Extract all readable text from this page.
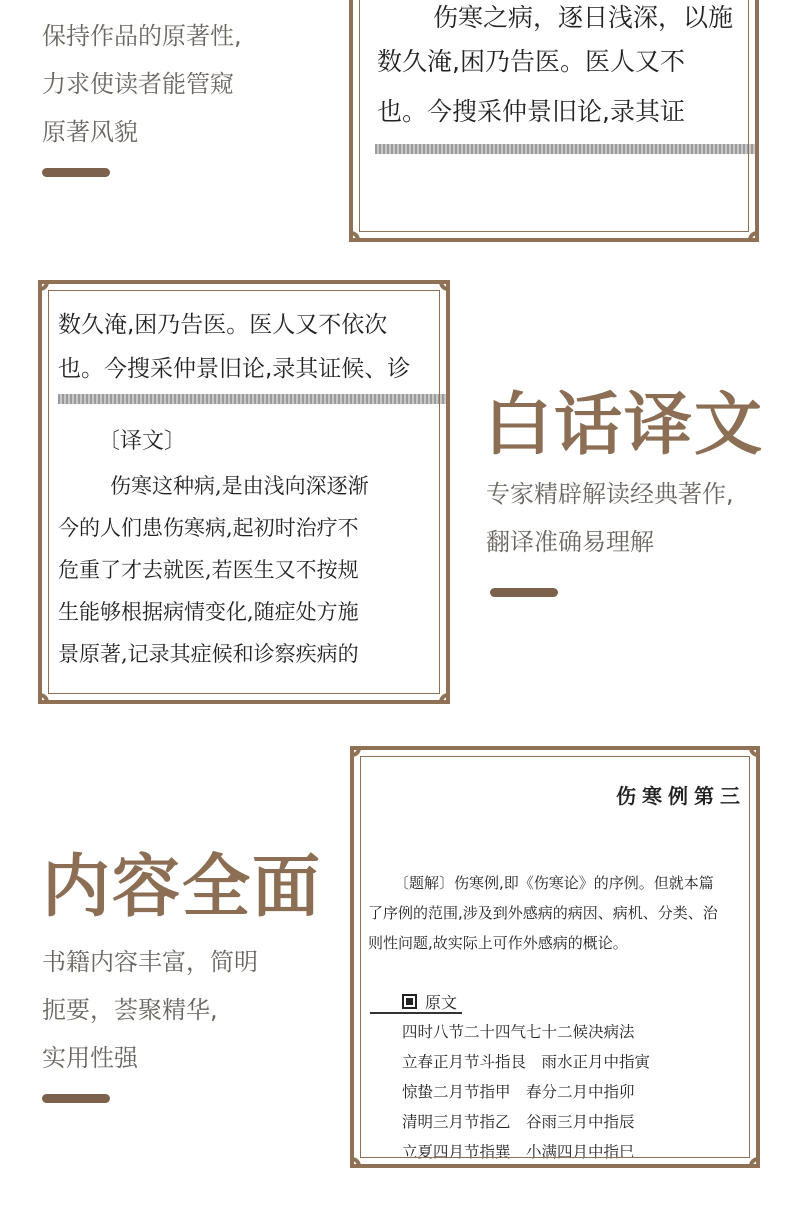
保持作品的原著性,
力求使读者能管窥
原著风貌
伤寒之病，逐日浅深，以施
数久淹,困乃告医。医人又不
也。今搜采仲景旧论,录其证
数久淹,困乃告医。医人又不依次
也。今搜采仲景旧论,录其证候、诊
〔译文〕
伤寒这种病,是由浅向深逐渐
今的人们患伤寒病,起初时治疗不
危重了才去就医,若医生又不按规
生能够根据病情变化,随症处方施
景原著,记录其症候和诊察疾病的
白话译文
专家精辟解读经典著作,
翻译准确易理解
内容全面
书籍内容丰富，简明
扼要，荟聚精华,
实用性强
伤寒例第三
〔题解〕伤寒例,即《伤寒论》的序例。但就本篇
了序例的范围,涉及到外感病的病因、病机、分类、治
则性问题,故实际上可作外感病的概论。
原文
四时八节二十四气七十二候决病法
立春正月节斗指艮　雨水正月中指寅
惊蛰二月节指甲　春分二月中指卯
清明三月节指乙　谷雨三月中指辰
立夏四月节指巽　小满四月中指巳
